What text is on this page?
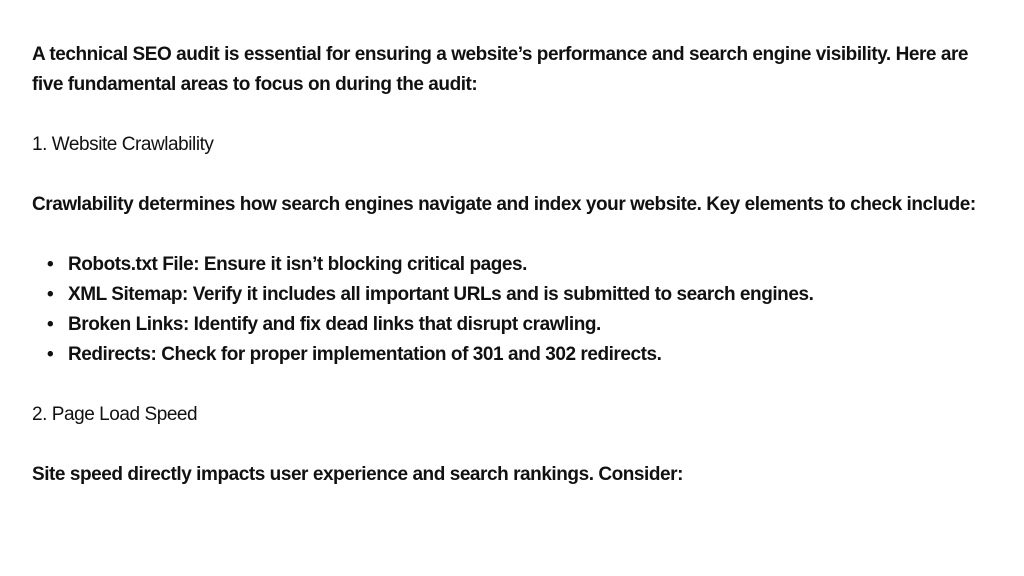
A technical SEO audit is essential for ensuring a website’s performance and search engine visibility. Here are five fundamental areas to focus on during the audit:

1. Website Crawlability

Crawlability determines how search engines navigate and index your website. Key elements to check include:

• Robots.txt File: Ensure it isn’t blocking critical pages.
• XML Sitemap: Verify it includes all important URLs and is submitted to search engines.
• Broken Links: Identify and fix dead links that disrupt crawling.
• Redirects: Check for proper implementation of 301 and 302 redirects.

2. Page Load Speed

Site speed directly impacts user experience and search rankings. Consider:
